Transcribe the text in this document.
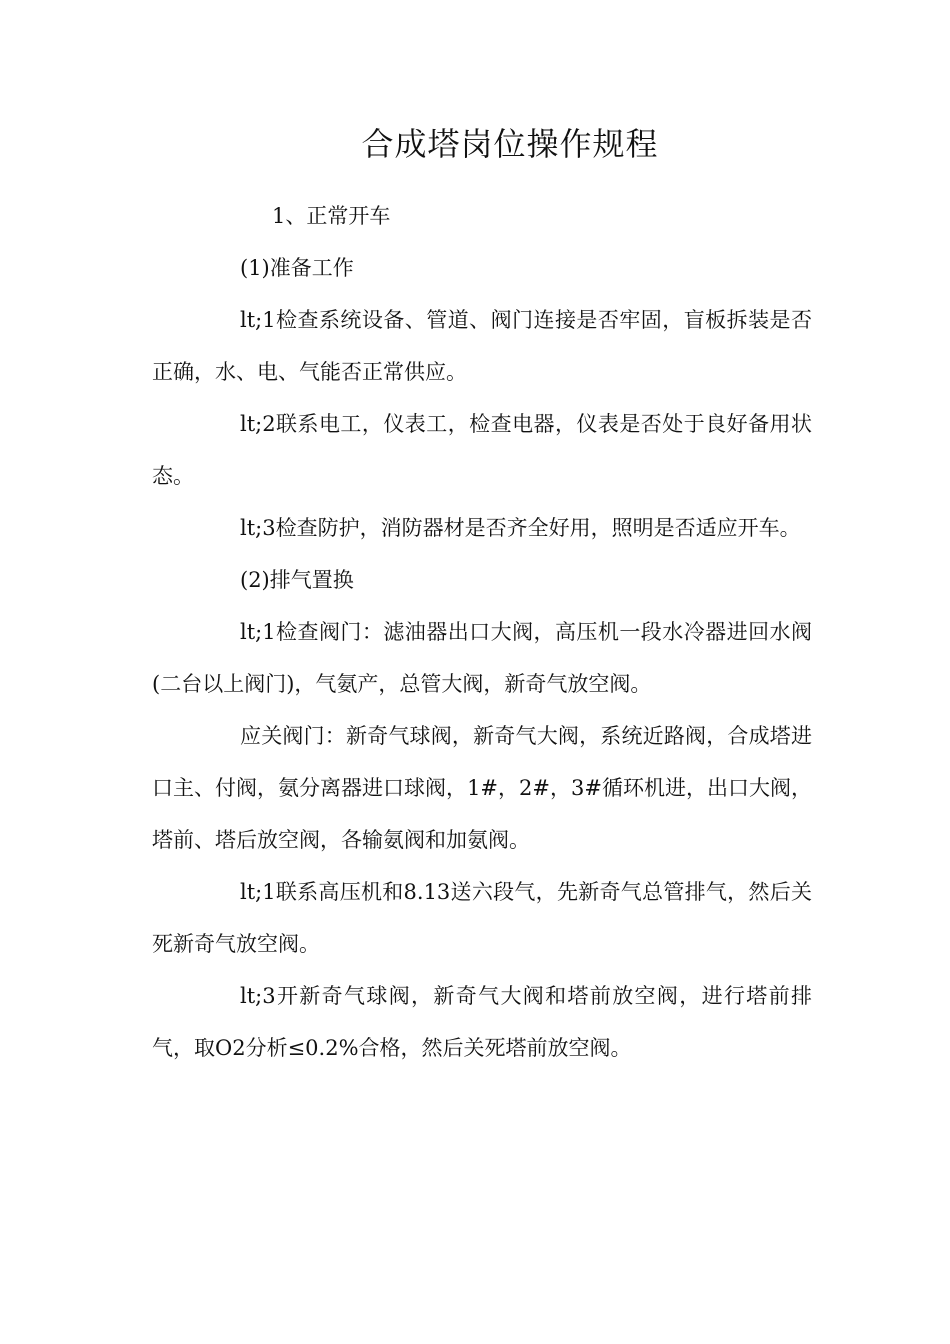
合成塔岗位操作规程

1、正常开车

(1)准备工作

lt;1检查系统设备、管道、阀门连接是否牢固，盲板拆装是否正确，水、电、气能否正常供应。

lt;2联系电工，仪表工，检查电器，仪表是否处于良好备用状态。

lt;3检查防护，消防器材是否齐全好用，照明是否适应开车。

(2)排气置换

lt;1检查阀门：滤油器出口大阀，高压机一段水冷器进回水阀(二台以上阀门)，气氨产，总管大阀，新奇气放空阀。

应关阀门：新奇气球阀，新奇气大阀，系统近路阀，合成塔进口主、付阀，氨分离器进口球阀，1#，2#，3#循环机进，出口大阀，塔前、塔后放空阀，各输氨阀和加氨阀。

lt;1联系高压机和8.13送六段气，先新奇气总管排气，然后关死新奇气放空阀。

lt;3开新奇气球阀，新奇气大阀和塔前放空阀，进行塔前排气，取O2分析≤0.2%合格，然后关死塔前放空阀。
